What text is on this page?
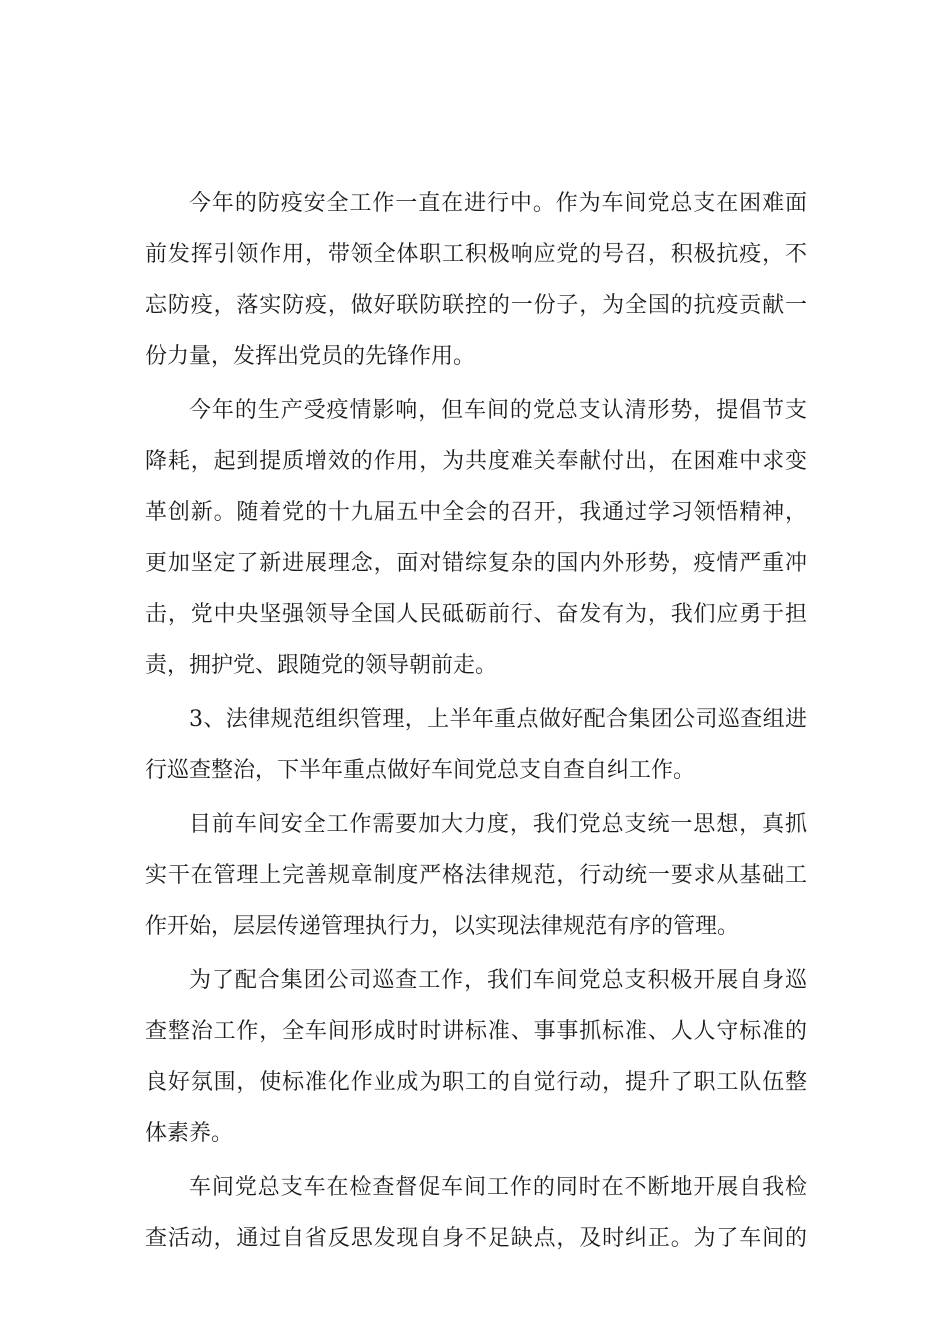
今年的防疫安全工作一直在进行中。作为车间党总支在困难面
前发挥引领作用，带领全体职工积极响应党的号召，积极抗疫，不
忘防疫，落实防疫，做好联防联控的一份子，为全国的抗疫贡献一
份力量，发挥出党员的先锋作用。

今年的生产受疫情影响，但车间的党总支认清形势，提倡节支
降耗，起到提质增效的作用，为共度难关奉献付出，在困难中求变
革创新。随着党的十九届五中全会的召开，我通过学习领悟精神，
更加坚定了新进展理念，面对错综复杂的国内外形势，疫情严重冲
击，党中央坚强领导全国人民砥砺前行、奋发有为，我们应勇于担
责，拥护党、跟随党的领导朝前走。

3、法律规范组织管理，上半年重点做好配合集团公司巡查组进
行巡查整治，下半年重点做好车间党总支自查自纠工作。

目前车间安全工作需要加大力度，我们党总支统一思想，真抓
实干在管理上完善规章制度严格法律规范，行动统一要求从基础工
作开始，层层传递管理执行力，以实现法律规范有序的管理。

为了配合集团公司巡查工作，我们车间党总支积极开展自身巡
查整治工作，全车间形成时时讲标准、事事抓标准、人人守标准的
良好氛围，使标准化作业成为职工的自觉行动，提升了职工队伍整
体素养。

车间党总支车在检查督促车间工作的同时在不断地开展自我检
查活动，通过自省反思发现自身不足缺点，及时纠正。为了车间的
